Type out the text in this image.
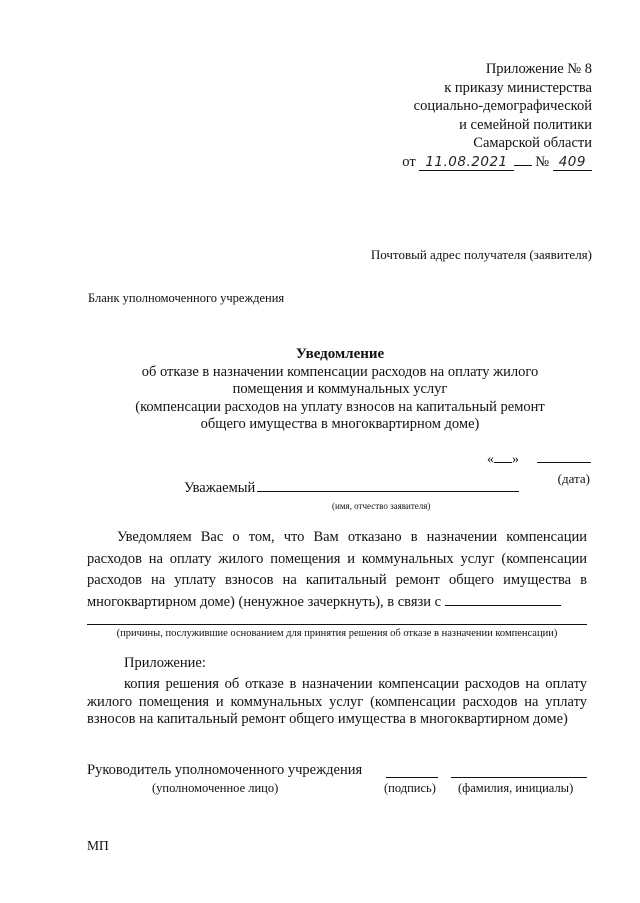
Приложение № 8
к приказу министерства
социально-демографической
и семейной политики
Самарской области
от 11.08.2021 № 409
Почтовый адрес получателя (заявителя)
Бланк уполномоченного учреждения
Уведомление
об отказе в назначении компенсации расходов на оплату жилого
помещения и коммунальных услуг
(компенсации расходов на уплату взносов на капитальный ремонт
общего имущества в многоквартирном доме)
« »
(дата)
Уважаемый
(имя, отчество заявителя)
Уведомляем Вас о том, что Вам отказано в назначении компенсации расходов на оплату жилого помещения и коммунальных услуг (компенсации расходов на уплату взносов на капитальный ремонт общего имущества в многоквартирном доме) (ненужное зачеркнуть), в связи с
(причины, послужившие основанием для принятия решения об отказе в назначении компенсации)
Приложение:
копия решения об отказе в назначении компенсации расходов на оплату жилого помещения и коммунальных услуг (компенсации расходов на уплату взносов на капитальный ремонт общего имущества в многоквартирном доме)
Руководитель уполномоченного учреждения
(уполномоченное лицо)	(подпись) (фамилия, инициалы)
МП
